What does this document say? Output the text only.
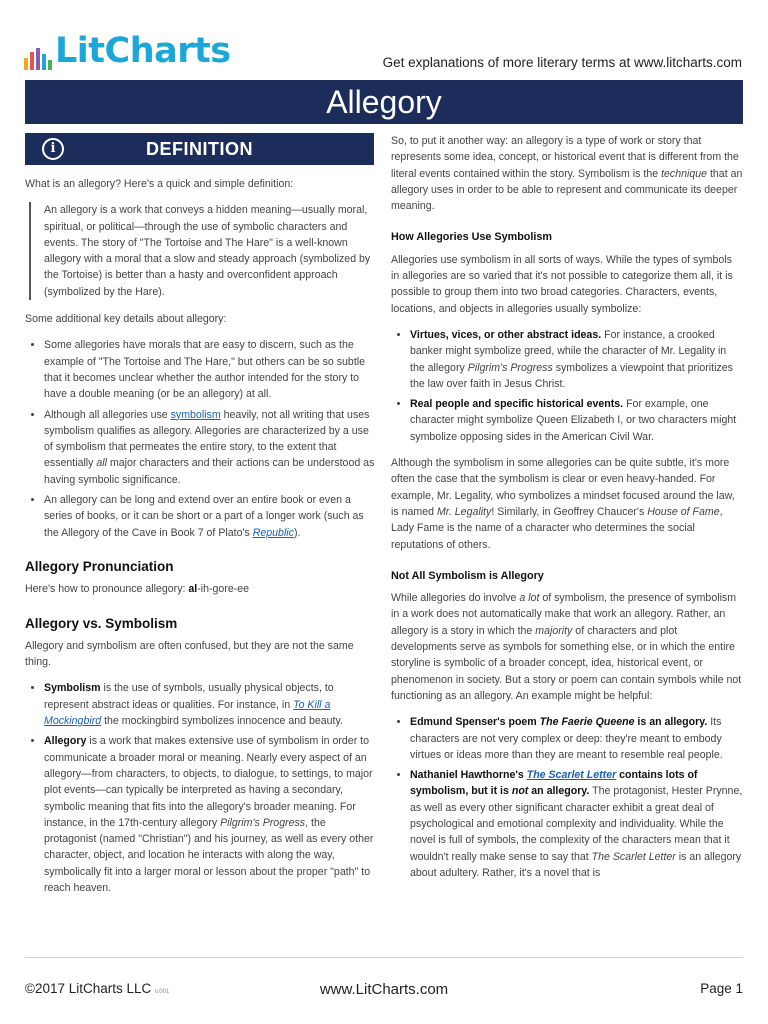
LitCharts	Get explanations of more literary terms at www.litcharts.com
Allegory
DEFINITION
i

What is an allegory? Here's a quick and simple definition:

An allegory is a work that conveys a hidden meaning—usually moral, spiritual, or political—through the use of symbolic characters and events. The story of "The Tortoise and The Hare" is a well-known allegory with a moral that a slow and steady approach (symbolized by the Tortoise) is better than a hasty and overconfident approach (symbolized by the Hare).

Some additional key details about allegory:

• Some allegories have morals that are easy to discern, such as the example of "The Tortoise and The Hare," but others can be so subtle that it becomes unclear whether the author intended for the story to have a double meaning (or be an allegory) at all.
• Although all allegories use symbolism heavily, not all writing that uses symbolism qualifies as allegory. Allegories are characterized by a use of symbolism that permeates the entire story, to the extent that essentially all major characters and their actions can be understood as having symbolic significance.
• An allegory can be long and extend over an entire book or even a series of books, or it can be short or a part of a longer work (such as the Allegory of the Cave in Book 7 of Plato's Republic).
Allegory Pronunciation

Here's how to pronounce allegory: al-ih-gore-ee

Allegory vs. Symbolism

Allegory and symbolism are often confused, but they are not the same thing.

• Symbolism is the use of symbols, usually physical objects, to represent abstract ideas or qualities. For instance, in To Kill a Mockingbird the mockingbird symbolizes innocence and beauty.
• Allegory is a work that makes extensive use of symbolism in order to communicate a broader moral or meaning. Nearly every aspect of an allegory—from characters, to objects, to dialogue, to settings, to major plot events—can typically be interpreted as having a secondary, symbolic meaning that fits into the allegory's broader meaning. For instance, in the 17th-century allegory Pilgrim's Progress, the protagonist (named "Christian") and his journey, as well as every other character, object, and location he interacts with along the way, symbolically fit into a larger moral or lesson about the proper "path" to reach heaven.

So, to put it another way: an allegory is a type of work or story that represents some idea, concept, or historical event that is different from the literal events contained within the story. Symbolism is the technique that an allegory uses in order to be able to represent and communicate its deeper meaning.

How Allegories Use Symbolism

Allegories use symbolism in all sorts of ways. While the types of symbols in allegories are so varied that it's not possible to categorize them all, it is possible to group them into two broad categories. Characters, events, locations, and objects in allegories usually symbolize:

• Virtues, vices, or other abstract ideas. For instance, a crooked banker might symbolize greed, while the character of Mr. Legality in the allegory Pilgrim's Progress symbolizes a viewpoint that prioritizes the law over faith in Jesus Christ.
• Real people and specific historical events. For example, one character might symbolize Queen Elizabeth I, or two characters might symbolize opposing sides in the American Civil War.

Although the symbolism in some allegories can be quite subtle, it's more often the case that the symbolism is clear or even heavy-handed. For example, Mr. Legality, who symbolizes a mindset focused around the law, is named Mr. Legality! Similarly, in Geoffrey Chaucer's House of Fame, Lady Fame is the name of a character who determines the social reputations of others.

Not All Symbolism is Allegory

While allegories do involve a lot of symbolism, the presence of symbolism in a work does not automatically make that work an allegory. Rather, an allegory is a story in which the majority of characters and plot developments serve as symbols for something else, or in which the entire storyline is symbolic of a broader concept, idea, historical event, or phenomenon in society. But a story or poem can contain symbols while not functioning as an allegory. An example might be helpful:

• Edmund Spenser's poem The Faerie Queene is an allegory. Its characters are not very complex or deep: they're meant to embody virtues or ideas more than they are meant to resemble real people.
• Nathaniel Hawthorne's The Scarlet Letter contains lots of symbolism, but it is not an allegory. The protagonist, Hester Prynne, as well as every other significant character exhibit a great deal of psychological and emotional complexity and individuality. While the novel is full of symbols, the complexity of the characters mean that it wouldn't really make sense to say that The Scarlet Letter is an allegory about adultery. Rather, it's a novel that is
©2017 LitCharts LLC v.001	www.LitCharts.com	Page 1
